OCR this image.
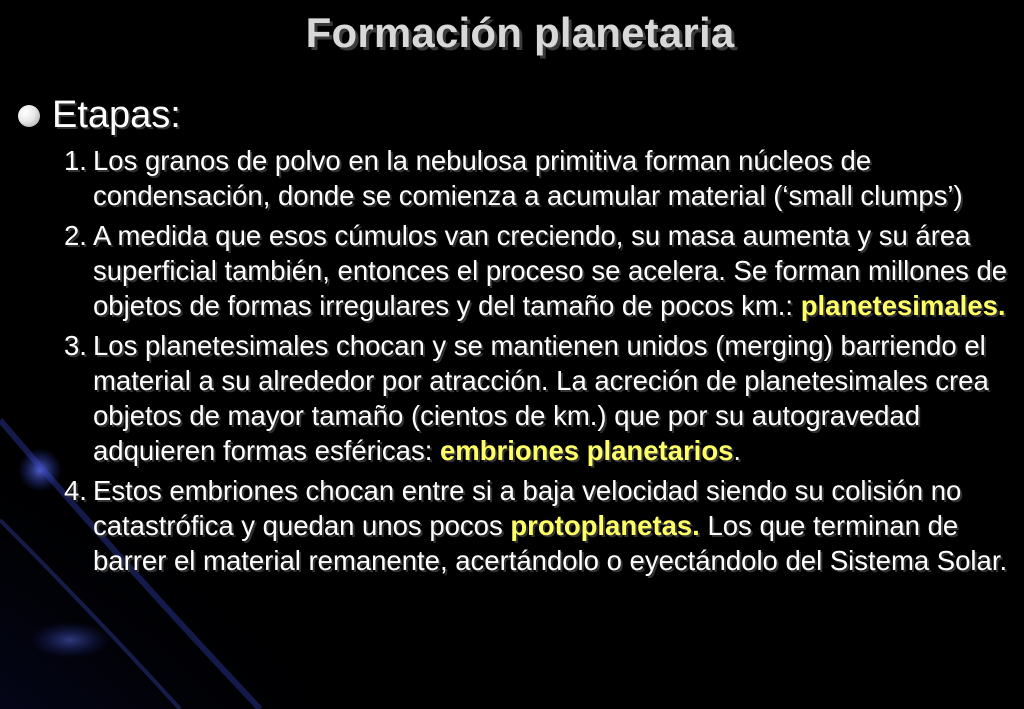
Formación planetaria
Etapas:
1. Los granos de polvo en la nebulosa primitiva forman núcleos de condensación, donde se comienza a acumular material (‘small clumps’)
2. A medida que esos cúmulos van creciendo, su masa aumenta y su área superficial también, entonces el proceso se acelera. Se forman millones de objetos de formas irregulares y del tamaño de pocos km.: planetesimales.
3. Los planetesimales chocan y se mantienen unidos (merging) barriendo el material a su alrededor por atracción. La acreción de planetesimales crea objetos de mayor tamaño (cientos de km.) que por su autogravedad adquieren formas esféricas: embriones planetarios.
4. Estos embriones chocan entre si a baja velocidad siendo su colisión no catastrófica y quedan unos pocos protoplanetas. Los que terminan de barrer el material remanente, acertándolo o eyectándolo del Sistema Solar.
